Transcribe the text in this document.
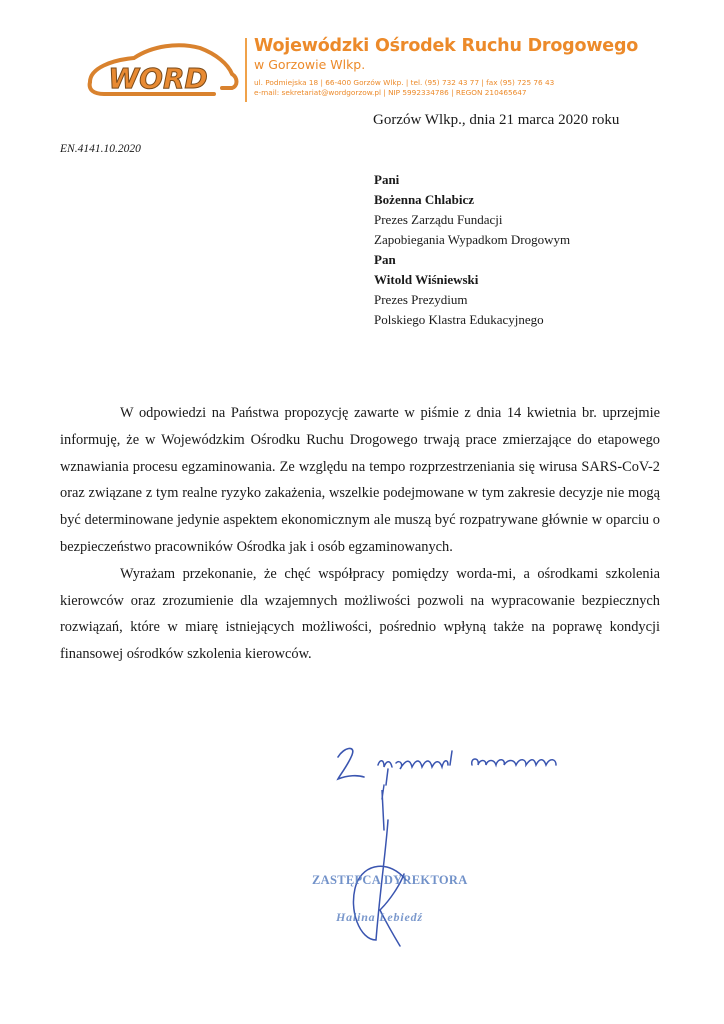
WORD
Wojewódzki Ośrodek Ruchu Drogowego
w Gorzowie Wlkp.
ul. Podmiejska 18 | 66-400 Gorzów Wlkp. | tel. (95) 732 43 77 | fax (95) 725 76 43
e-mail: sekretariat@wordgorzow.pl | NIP 5992334786 | REGON 210465647
Gorzów Wlkp., dnia 21 marca 2020 roku
EN.4141.10.2020
Pani
Bożenna Chlabicz
Prezes Zarządu Fundacji
Zapobiegania Wypadkom Drogowym
Pan
Witold Wiśniewski
Prezes Prezydium
Polskiego Klastra Edukacyjnego

W odpowiedzi na Państwa propozycję zawarte w piśmie z dnia 14 kwietnia br. uprzejmie informuję, że w Wojewódzkim Ośrodku Ruchu Drogowego trwają prace zmierzające do etapowego wznawiania procesu egzaminowania. Ze względu na tempo rozprzestrzeniania się wirusa SARS-CoV-2 oraz związane z tym realne ryzyko zakażenia, wszelkie podejmowane w tym zakresie decyzje nie mogą być determinowane jedynie aspektem ekonomicznym ale muszą być rozpatrywane głównie w oparciu o bezpieczeństwo pracowników Ośrodka jak i osób egzaminowanych.

Wyrażam przekonanie, że chęć współpracy pomiędzy worda-mi, a ośrodkami szkolenia kierowców oraz zrozumienie dla wzajemnych możliwości pozwoli na wypracowanie bezpiecznych rozwiązań, które w miarę istniejących możliwości, pośrednio wpłyną także na poprawę kondycji finansowej ośrodków szkolenia kierowców.

ZASTĘPCA DYREKTORA
Halina Lebiedź
